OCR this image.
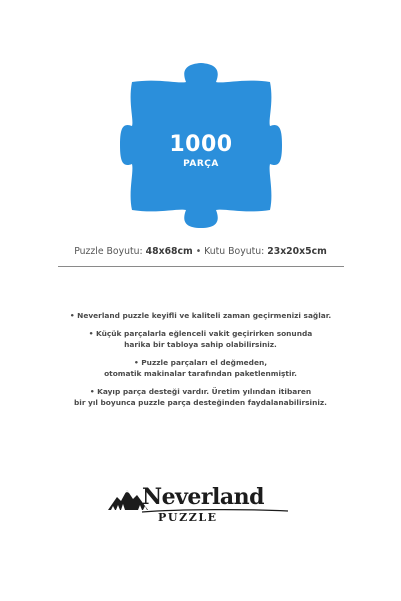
1000
PARÇA
Puzzle Boyutu: 48x68cm • Kutu Boyutu: 23x20x5cm

• Neverland puzzle keyifli ve kaliteli zaman geçirmenizi sağlar.

• Küçük parçalarla eğlenceli vakit geçirirken sonunda
harika bir tabloya sahip olabilirsiniz.

• Puzzle parçaları el değmeden,
otomatik makinalar tarafından paketlenmiştir.

• Kayıp parça desteği vardır. Üretim yılından itibaren
bir yıl boyunca puzzle parça desteğinden faydalanabilirsiniz.

Neverland
PUZZLE
